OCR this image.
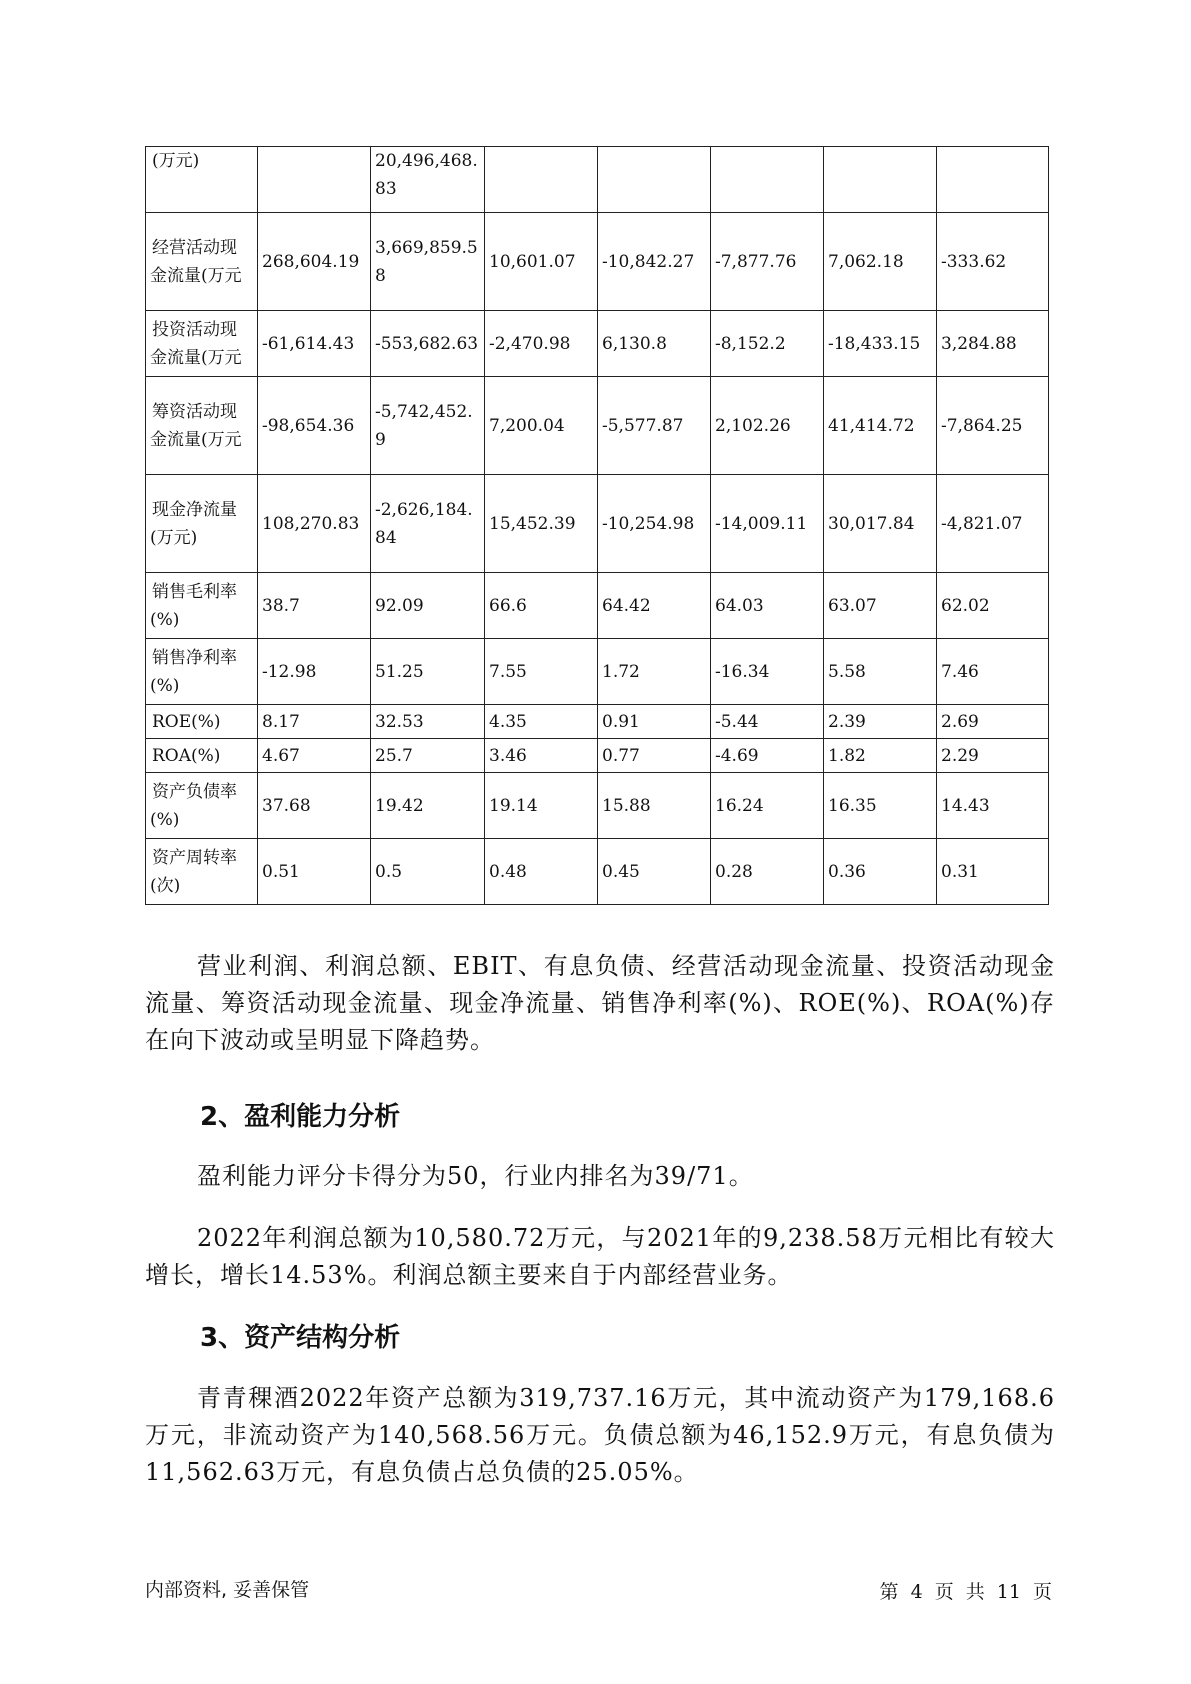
(万元)		20,496,468.83					
经营活动现金流量(万元	268,604.19	3,669,859.58	10,601.07	-10,842.27	-7,877.76	7,062.18	-333.62
投资活动现金流量(万元	-61,614.43	-553,682.63	-2,470.98	6,130.8	-8,152.2	-18,433.15	3,284.88
筹资活动现金流量(万元	-98,654.36	-5,742,452.9	7,200.04	-5,577.87	2,102.26	41,414.72	-7,864.25
现金净流量(万元)	108,270.83	-2,626,184.84	15,452.39	-10,254.98	-14,009.11	30,017.84	-4,821.07
销售毛利率(%)	38.7	92.09	66.6	64.42	64.03	63.07	62.02
销售净利率(%)	-12.98	51.25	7.55	1.72	-16.34	5.58	7.46
ROE(%)	8.17	32.53	4.35	0.91	-5.44	2.39	2.69
ROA(%)	4.67	25.7	3.46	0.77	-4.69	1.82	2.29
资产负债率(%)	37.68	19.42	19.14	15.88	16.24	16.35	14.43
资产周转率(次)	0.51	0.5	0.48	0.45	0.28	0.36	0.31
营业利润、利润总额、EBIT、有息负债、经营活动现金流量、投资活动现金流量、筹资活动现金流量、现金净流量、销售净利率(%)、ROE(%)、ROA(%)存在向下波动或呈明显下降趋势。
2、盈利能力分析
盈利能力评分卡得分为50，行业内排名为39/71。
2022年利润总额为10,580.72万元，与2021年的9,238.58万元相比有较大增长，增长14.53%。利润总额主要来自于内部经营业务。
3、资产结构分析
青青稞酒2022年资产总额为319,737.16万元，其中流动资产为179,168.6万元，非流动资产为140,568.56万元。负债总额为46,152.9万元，有息负债为11,562.63万元，有息负债占总负债的25.05%。
内部资料, 妥善保管	第 4 页 共 11 页
